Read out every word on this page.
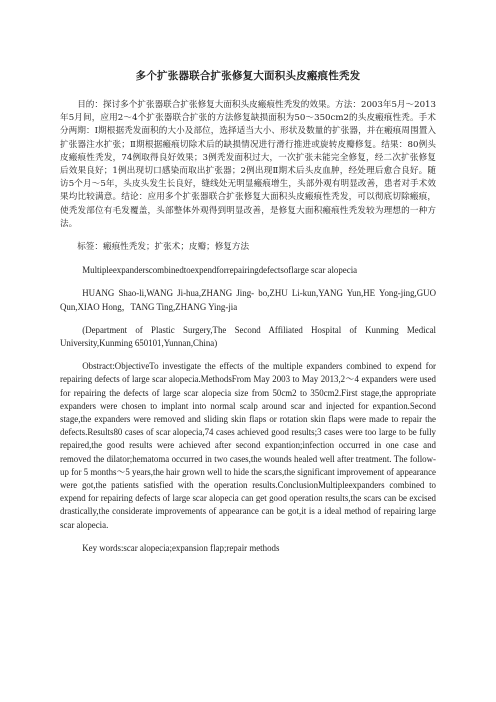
多个扩张器联合扩张修复大面积头皮瘢痕性秃发

目的：探讨多个扩张器联合扩张修复大面积头皮瘢痕性秃发的效果。方法：2003年5月～2013年5月间，应用2～4个扩张器联合扩张的方法修复缺损面积为50～350cm2的头皮瘢痕性秃。手术分两期：Ⅰ期根据秃发面积的大小及部位，选择适当大小、形状及数量的扩张器，并在瘢痕周围置入扩张器注水扩张；Ⅱ期根据瘢痕切除术后的缺损情况进行滑行推进或旋转皮瓣修复。结果：80例头皮瘢痕性秃发，74例取得良好效果；3例秃发面积过大，一次扩张未能完全修复，经二次扩张修复后效果良好；1例出现切口感染而取出扩张器；2例出现Ⅱ期术后头皮血肿，经处理后愈合良好。随访5个月～5年，头皮头发生长良好，缝线处无明显瘢痕增生，头部外观有明显改善，患者对手术效果均比较满意。结论：应用多个扩张器联合扩张修复大面积头皮瘢痕性秃发，可以彻底切除瘢痕，使秃发部位有毛发覆盖，头部整体外观得到明显改善，是修复大面积瘢痕性秃发较为理想的一种方法。

标签：瘢痕性秃发；扩张术；皮瓣；修复方法

Multipleexpanderscombinedtoexpendforrepairingdefectsoflarge scar alopecia

HUANG Shao-li,WANG Ji-hua,ZHANG Jing- bo,ZHU Li-kun,YANG Yun,HE Yong-jing,GUO Qun,XIAO Hong，TANG Ting,ZHANG Ying-jia

(Department of Plastic Surgery,The Second Affiliated Hospital of Kunming Medical University,Kunming 650101,Yunnan,China)

Obstract:ObjectiveTo investigate the effects of the multiple expanders combined to expend for repairing defects of large scar alopecia.MethodsFrom May 2003 to May 2013,2～4 expanders were used for repairing the defects of large scar alopecia size from 50cm2 to 350cm2.First stage,the appropriate expanders were chosen to implant into normal scalp around scar and injected for expantion.Second stage,the expanders were removed and sliding skin flaps or rotation skin flaps were made to repair the defects.Results80 cases of scar alopecia,74 cases achieved good results;3 cases were too large to be fully repaired,the good results were achieved after second expantion;infection occurred in one case and removed the dilator;hematoma occurred in two cases,the wounds healed well after treatment. The follow-up for 5 months～5 years,the hair grown well to hide the scars,the significant improvement of appearance were got,the patients satisfied with the operation results.ConclusionMultipleexpanders combined to expend for repairing defects of large scar alopecia can get good operation results,the scars can be excised drastically,the considerate improvements of appearance can be got,it is a ideal method of repairing large scar alopecia.

Key words:scar alopecia;expansion flap;repair methods
